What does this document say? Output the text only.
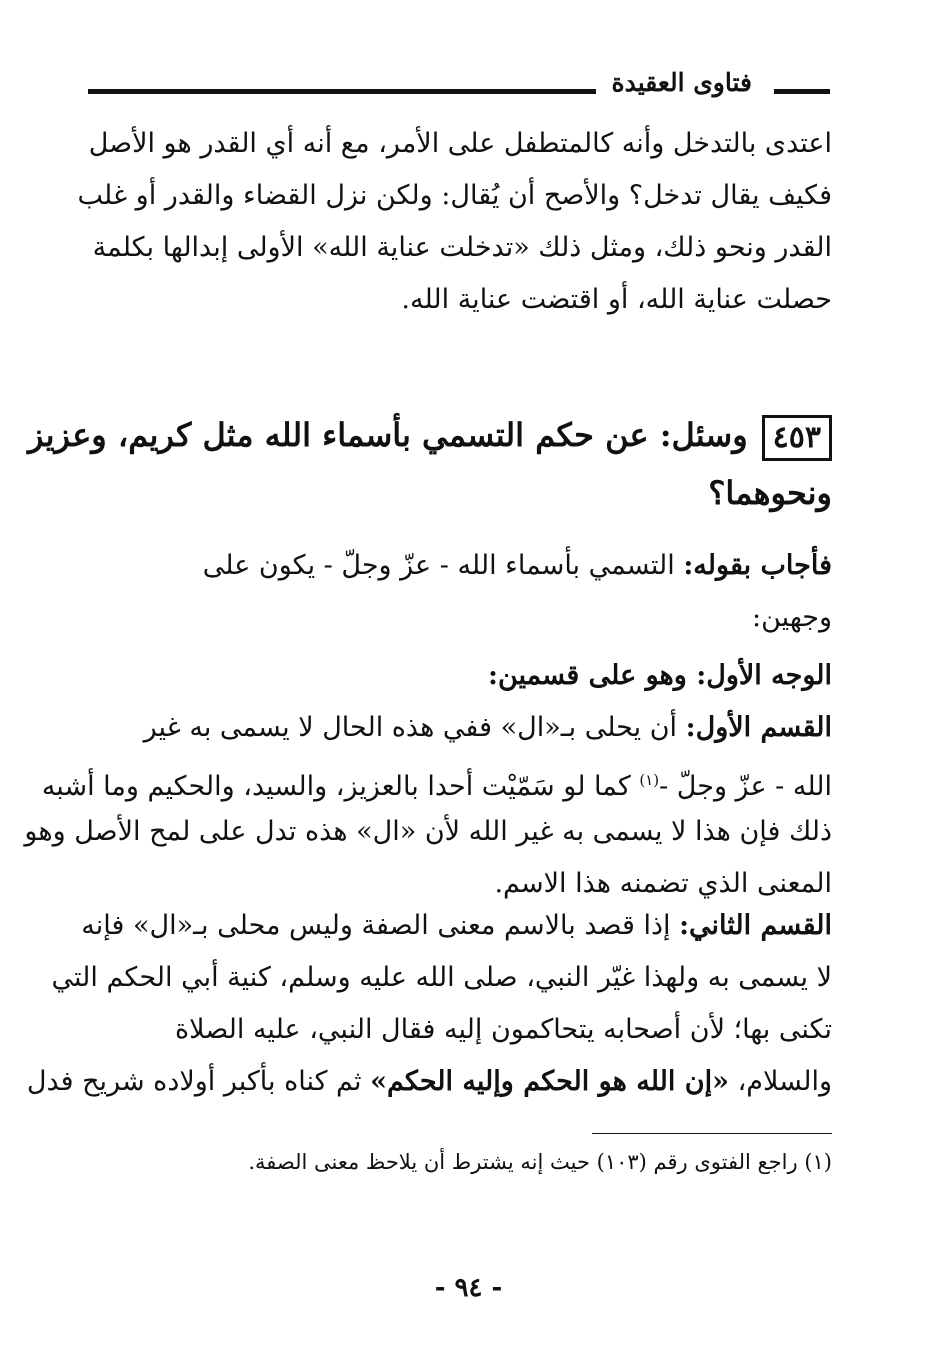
فتاوى العقيدة
اعتدى بالتدخل وأنه كالمتطفل على الأمر، مع أنه أي القدر هو الأصل
فكيف يقال تدخل؟ والأصح أن يُقال: ولكن نزل القضاء والقدر أو غلب
القدر ونحو ذلك، ومثل ذلك «تدخلت عناية الله» الأولى إبدالها بكلمة
حصلت عناية الله، أو اقتضت عناية الله.
٤٥٣وسئل: عن حكم التسمي بأسماء الله مثل كريم، وعزيز
ونحوهما؟
فأجاب بقوله: التسمي بأسماء الله - عزّ وجلّ - يكون على
وجهين:
الوجه الأول: وهو على قسمين:
القسم الأول: أن يحلى بـ«ال» ففي هذه الحال لا يسمى به غير
الله - عزّ وجلّ -$^{(١)}$ كما لو سَمّيْت أحدا بالعزيز، والسيد، والحكيم وما أشبه
ذلك فإن هذا لا يسمى به غير الله لأن «ال» هذه تدل على لمح الأصل وهو
المعنى الذي تضمنه هذا الاسم.
القسم الثاني: إذا قصد بالاسم معنى الصفة وليس محلى بـ«ال» فإنه
لا يسمى به ولهذا غيّر النبي، صلى الله عليه وسلم، كنية أبي الحكم التي
تكنى بها؛ لأن أصحابه يتحاكمون إليه فقال النبي، عليه الصلاة
والسلام، «إن الله هو الحكم وإليه الحكم» ثم كناه بأكبر أولاده شريح فدل
(١) راجع الفتوى رقم (١٠٣) حيث إنه يشترط أن يلاحظ معنى الصفة.
- ٩٤ -
